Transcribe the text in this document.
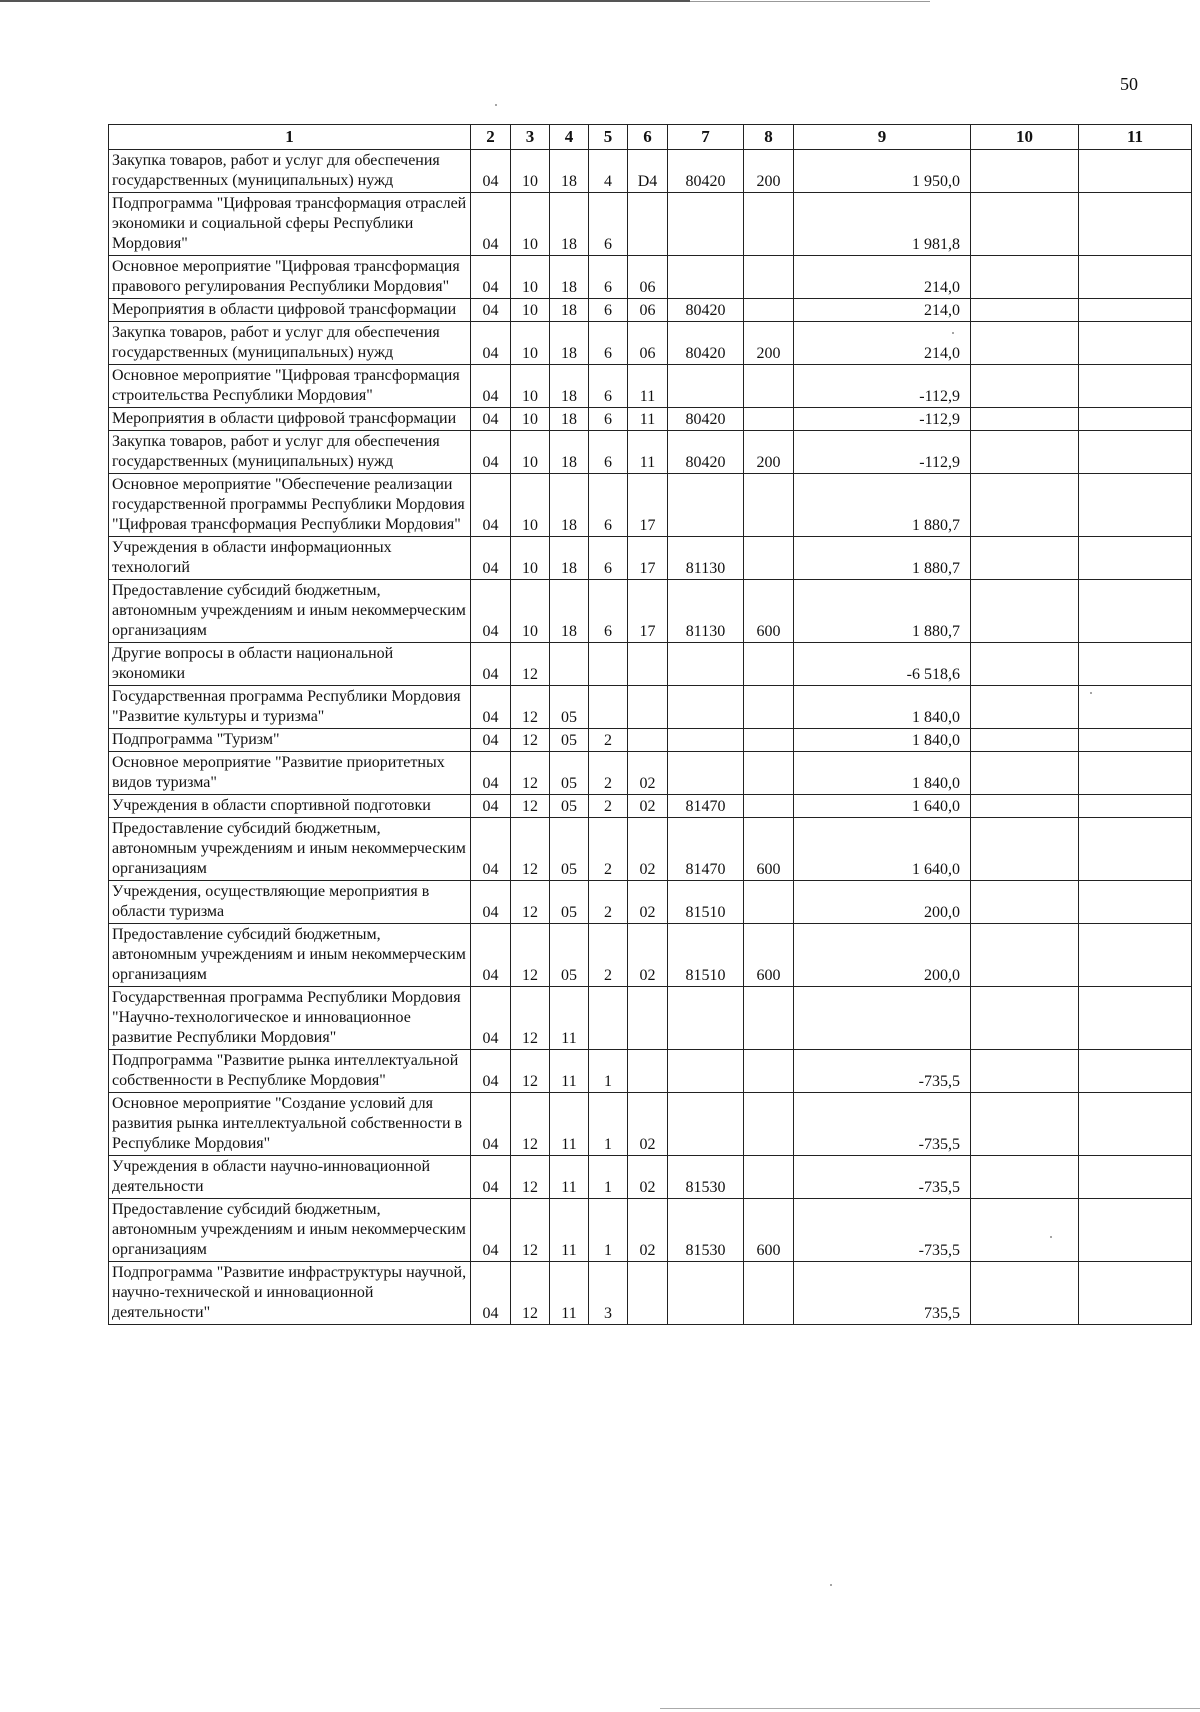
50
1	2	3	4	5	6	7	8	9	10	11
Закупка товаров, работ и услуг для обеспечения государственных (муниципальных) нужд	04	10	18	4	D4	80420	200	1 950,0		
Подпрограмма "Цифровая трансформация отраслей экономики и социальной сферы Республики Мордовия"	04	10	18	6				1 981,8		
Основное мероприятие "Цифровая трансформация правового регулирования Республики Мордовия"	04	10	18	6	06			214,0		
Мероприятия в области цифровой трансформации	04	10	18	6	06	80420		214,0		
Закупка товаров, работ и услуг для обеспечения государственных (муниципальных) нужд	04	10	18	6	06	80420	200	214,0		
Основное мероприятие "Цифровая трансформация строительства Республики Мордовия"	04	10	18	6	11			-112,9		
Мероприятия в области цифровой трансформации	04	10	18	6	11	80420		-112,9		
Закупка товаров, работ и услуг для обеспечения государственных (муниципальных) нужд	04	10	18	6	11	80420	200	-112,9		
Основное мероприятие "Обеспечение реализации государственной программы Республики Мордовия "Цифровая трансформация Республики Мордовия"	04	10	18	6	17			1 880,7		
Учреждения в области информационных технологий	04	10	18	6	17	81130		1 880,7		
Предоставление субсидий бюджетным, автономным учреждениям и иным некоммерческим организациям	04	10	18	6	17	81130	600	1 880,7		
Другие вопросы в области национальной экономики	04	12						-6 518,6		
Государственная программа Республики Мордовия "Развитие культуры и туризма"	04	12	05					1 840,0		
Подпрограмма "Туризм"	04	12	05	2				1 840,0		
Основное мероприятие "Развитие приоритетных видов туризма"	04	12	05	2	02			1 840,0		
Учреждения в области спортивной подготовки	04	12	05	2	02	81470		1 640,0		
Предоставление субсидий бюджетным, автономным учреждениям и иным некоммерческим организациям	04	12	05	2	02	81470	600	1 640,0		
Учреждения, осуществляющие мероприятия в области туризма	04	12	05	2	02	81510		200,0		
Предоставление субсидий бюджетным, автономным учреждениям и иным некоммерческим организациям	04	12	05	2	02	81510	600	200,0		
Государственная программа Республики Мордовия "Научно-технологическое и инновационное развитие Республики Мордовия"	04	12	11							
Подпрограмма "Развитие рынка интеллектуальной собственности в Республике Мордовия"	04	12	11	1				-735,5		
Основное мероприятие "Создание условий для развития рынка интеллектуальной собственности в Республике Мордовия"	04	12	11	1	02			-735,5		
Учреждения в области научно-инновационной деятельности	04	12	11	1	02	81530		-735,5		
Предоставление субсидий бюджетным, автономным учреждениям и иным некоммерческим организациям	04	12	11	1	02	81530	600	-735,5		
Подпрограмма "Развитие инфраструктуры научной, научно-технической и инновационной деятельности"	04	12	11	3				735,5		
